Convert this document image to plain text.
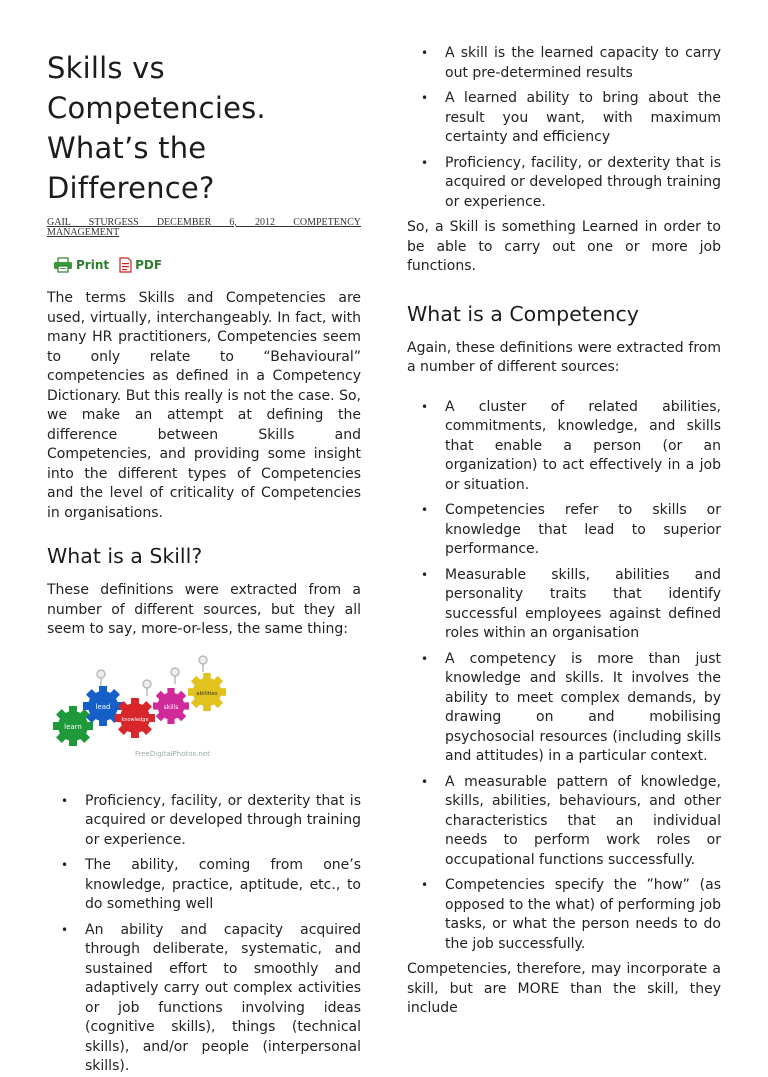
Skills vs Competencies. What’s the Difference?
GAIL STURGESS DECEMBER 6, 2012 COMPETENCY
MANAGEMENT
Print PDF

The terms Skills and Competencies are used, virtually, interchangeably. In fact, with many HR practitioners, Competencies seem to only relate to “Behavioural” competencies as defined in a Competency Dictionary. But this really is not the case. So, we make an attempt at defining the difference between Skills and Competencies, and providing some insight into the different types of Competencies and the level of criticality of Competencies in organisations.

What is a Skill?

These definitions were extracted from a number of different sources, but they all seem to say, more-or-less, the same thing:

learn
lead
knowledge
skills
abilities
FreeDigitalPhotos.net
• Proficiency, facility, or dexterity that is acquired or developed through training or experience.
• The ability, coming from one’s knowledge, practice, aptitude, etc., to do something well
• An ability and capacity acquired through deliberate, systematic, and sustained effort to smoothly and adaptively carry out complex activities or job functions involving ideas (cognitive skills), things (technical skills), and/or people (interpersonal skills).
• A skill is the learned capacity to carry out pre-determined results
• A learned ability to bring about the result you want, with maximum certainty and efficiency
• Proficiency, facility, or dexterity that is acquired or developed through training or experience.

So, a Skill is something Learned in order to be able to carry out one or more job functions.

What is a Competency

Again, these definitions were extracted from a number of different sources:

• A cluster of related abilities, commitments, knowledge, and skills that enable a person (or an organization) to act effectively in a job or situation.
• Competencies refer to skills or knowledge that lead to superior performance.
• Measurable skills, abilities and personality traits that identify successful employees against defined roles within an organisation
• A competency is more than just knowledge and skills. It involves the ability to meet complex demands, by drawing on and mobilising psychosocial resources (including skills and attitudes) in a particular context.
• A measurable pattern of knowledge, skills, abilities, behaviours, and other characteristics that an individual needs to perform work roles or occupational functions successfully.
• Competencies specify the ”how” (as opposed to the what) of performing job tasks, or what the person needs to do the job successfully.

Competencies, therefore, may incorporate a skill, but are MORE than the skill, they include
